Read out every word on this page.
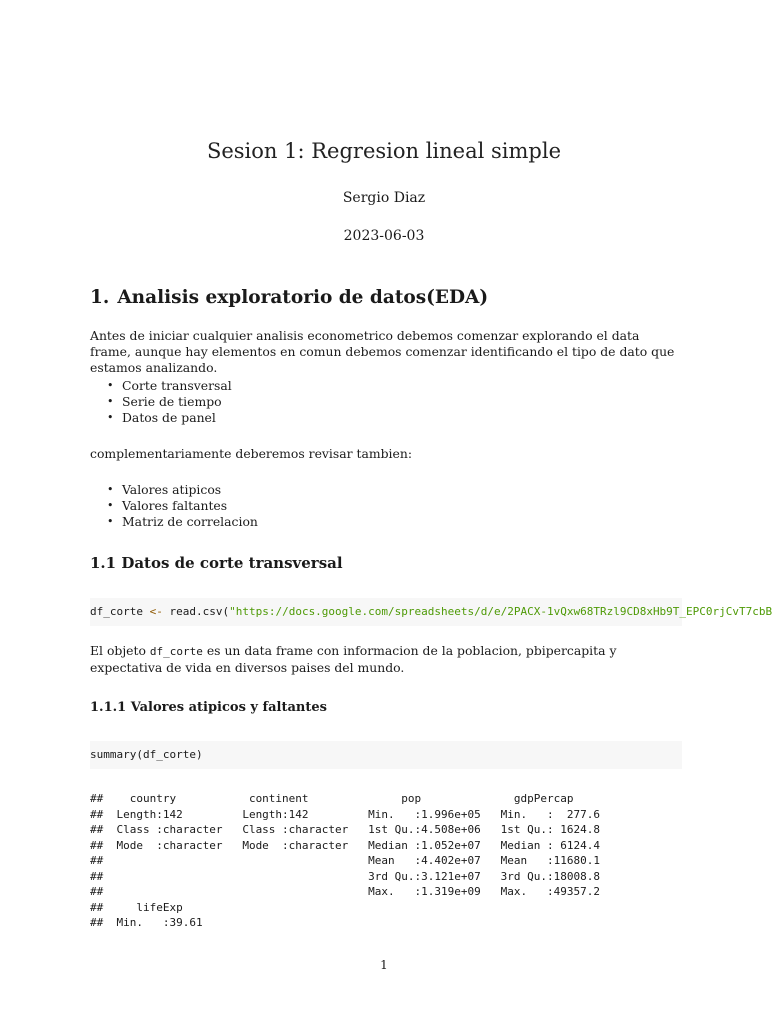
Sesion 1: Regresion lineal simple
Sergio Diaz
2023-06-03
1. Analisis exploratorio de datos(EDA)

Antes de iniciar cualquier analisis econometrico debemos comenzar explorando el data frame, aunque hay elementos en comun debemos comenzar identificando el tipo de dato que estamos analizando.

• Corte transversal
• Serie de tiempo
• Datos de panel

complementariamente deberemos revisar tambien:

• Valores atipicos
• Valores faltantes
• Matriz de correlacion
1.1 Datos de corte transversal
df_corte <- read.csv("https://docs.google.com/spreadsheets/d/e/2PACX-1vQxw68TRzl9CD8xHb9T_EPC0rjCvT7cbB

El objeto df_corte es un data frame con informacion de la poblacion, pbipercapita y expectativa de vida en diversos paises del mundo.

1.1.1 Valores atipicos y faltantes
summary(df_corte)
##    country           continent              pop              gdpPercap
##  Length:142         Length:142         Min.   :1.996e+05   Min.   :  277.6
##  Class :character   Class :character   1st Qu.:4.508e+06   1st Qu.: 1624.8
##  Mode  :character   Mode  :character   Median :1.052e+07   Median : 6124.4
##                                        Mean   :4.402e+07   Mean   :11680.1
##                                        3rd Qu.:3.121e+07   3rd Qu.:18008.8
##                                        Max.   :1.319e+09   Max.   :49357.2
##     lifeExp
##  Min.   :39.61
1
